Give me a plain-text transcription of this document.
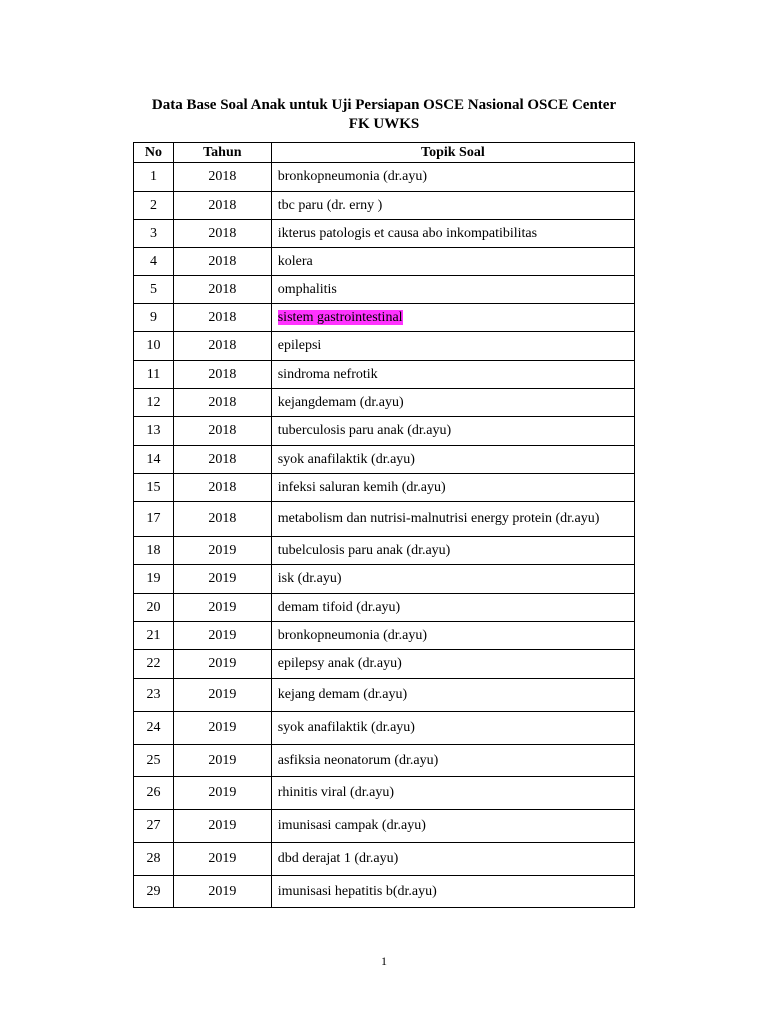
Data Base Soal Anak untuk Uji Persiapan OSCE Nasional OSCE Center
FK UWKS
No	Tahun	Topik Soal
1	2018	bronkopneumonia (dr.ayu)
2	2018	tbc paru (dr. erny )
3	2018	ikterus patologis et causa abo inkompatibilitas
4	2018	kolera
5	2018	omphalitis
9	2018	sistem gastrointestinal
10	2018	epilepsi
11	2018	sindroma nefrotik
12	2018	kejangdemam (dr.ayu)
13	2018	tuberculosis paru anak (dr.ayu)
14	2018	syok anafilaktik (dr.ayu)
15	2018	infeksi saluran kemih (dr.ayu)
17	2018	metabolism dan nutrisi-malnutrisi energy protein (dr.ayu)
18	2019	tubelculosis paru anak (dr.ayu)
19	2019	isk (dr.ayu)
20	2019	demam tifoid (dr.ayu)
21	2019	bronkopneumonia (dr.ayu)
22	2019	epilepsy anak (dr.ayu)
23	2019	kejang demam (dr.ayu)
24	2019	syok anafilaktik (dr.ayu)
25	2019	asfiksia neonatorum (dr.ayu)
26	2019	rhinitis viral (dr.ayu)
27	2019	imunisasi campak (dr.ayu)
28	2019	dbd derajat 1 (dr.ayu)
29	2019	imunisasi hepatitis b(dr.ayu)
1
